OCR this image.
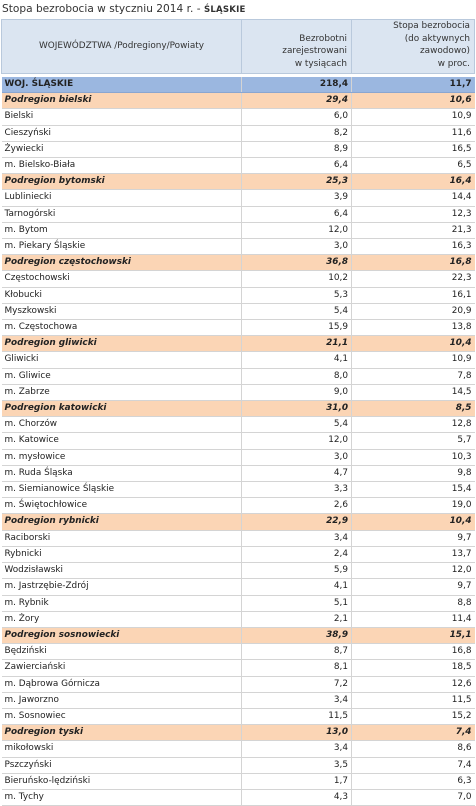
Stopa bezrobocia w styczniu 2014 r. - ŚLĄSKIE
WOJEWÓDZTWA /Podregiony/Powiaty	Bezrobotni
zarejestrowani
w tysiącach	Stopa bezrobocia
(do aktywnych zawodowo)
w proc.

WOJ. ŚLĄSKIE	218,4	11,7
Podregion bielski	29,4	10,6
Bielski	6,0	10,9
Cieszyński	8,2	11,6
Żywiecki	8,9	16,5
m. Bielsko-Biała	6,4	6,5
Podregion bytomski	25,3	16,4
Lubliniecki	3,9	14,4
Tarnogórski	6,4	12,3
m. Bytom	12,0	21,3
m. Piekary Śląskie	3,0	16,3
Podregion częstochowski	36,8	16,8
Częstochowski	10,2	22,3
Kłobucki	5,3	16,1
Myszkowski	5,4	20,9
m. Częstochowa	15,9	13,8
Podregion gliwicki	21,1	10,4
Gliwicki	4,1	10,9
m. Gliwice	8,0	7,8
m. Zabrze	9,0	14,5
Podregion katowicki	31,0	8,5
m. Chorzów	5,4	12,8
m. Katowice	12,0	5,7
m. mysłowice	3,0	10,3
m. Ruda Śląska	4,7	9,8
m. Siemianowice Śląskie	3,3	15,4
m. Świętochłowice	2,6	19,0
Podregion rybnicki	22,9	10,4
Raciborski	3,4	9,7
Rybnicki	2,4	13,7
Wodzisławski	5,9	12,0
m. Jastrzębie-Zdrój	4,1	9,7
m. Rybnik	5,1	8,8
m. Żory	2,1	11,4
Podregion sosnowiecki	38,9	15,1
Będziński	8,7	16,8
Zawierciański	8,1	18,5
m. Dąbrowa Górnicza	7,2	12,6
m. Jaworzno	3,4	11,5
m. Sosnowiec	11,5	15,2
Podregion tyski	13,0	7,4
mikołowski	3,4	8,6
Pszczyński	3,5	7,4
Bieruńsko-lędziński	1,7	6,3
m. Tychy	4,3	7,0
